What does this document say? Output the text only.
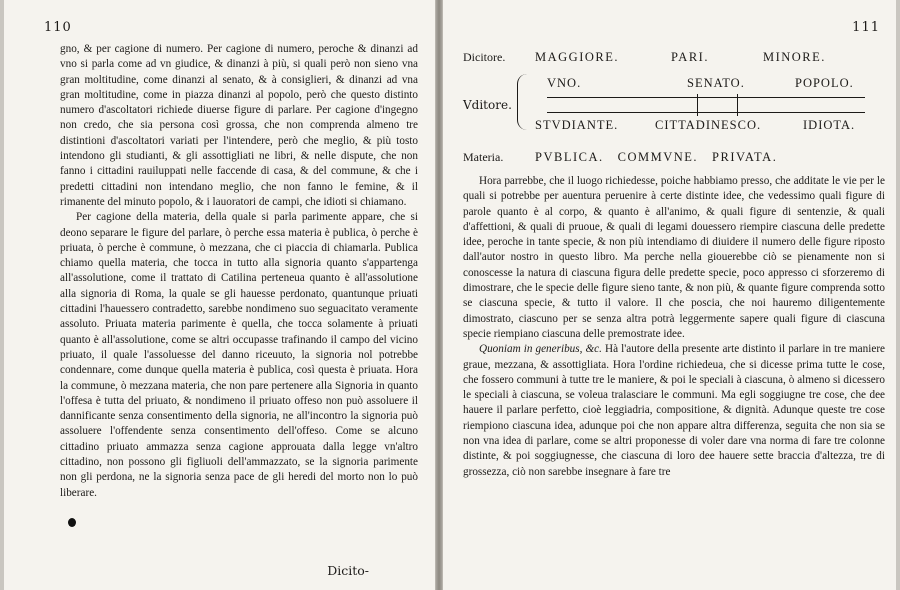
110

gno, & per cagione di numero. Per cagione di numero, peroche & dinanzi ad vno si parla come ad vn giudice, & dinanzi à più, si quali però non sieno vna gran moltitudine, come dinanzi al senato, & à consiglieri, & dinanzi ad vna gran moltitudine, come in piazza dinanzi al popolo, però che questo distinto numero d'ascoltatori richiede diuerse figure di parlare. Per cagione d'ingegno non credo, che sia persona così grossa, che non comprenda almeno tre distintioni d'ascoltatori variati per l'intendere, però che meglio, & più tosto intendono gli studianti, & gli assottigliati ne libri, & nelle dispute, che non fanno i cittadini rauiluppati nelle faccende di casa, & del commune, & che i predetti cittadini non intendano meglio, che non fanno le femine, & il rimanente del minuto popolo, & i lauoratori de campi, che idioti si chiamano.

Per cagione della materia, della quale si parla parimente appare, che si deono separare le figure del parlare, ò perche essa materia è publica, ò perche è priuata, ò perche è commune, ò mezzana, che ci piaccia di chiamarla. Publica chiamo quella materia, che tocca in tutto alla signoria quanto s'appartenga all'assolutione, come il trattato di Catilina perteneua quanto è all'assolutione alla signoria di Roma, la quale se gli hauesse perdonato, quantunque priuati cittadini l'hauessero contradetto, sarebbe nondimeno suo seguacitato veramente assoluto. Priuata materia parimente è quella, che tocca solamente à priuati quanto è all'assolutione, come se altri occupasse trafinando il campo del vicino priuato, il quale l'assoluesse del danno riceuuto, la signoria nol potrebbe condennare, come dunque quella materia è publica, così questa è priuata. Hora la commune, ò mezzana materia, che non pare pertenere alla Signoria in quanto l'offesa è tutta del priuato, & nondimeno il priuato offeso non può assoluere il dannificante senza consentimento della signoria, ne all'incontro la signoria può assoluere l'offendente senza consentimento dell'offeso. Come se alcuno cittadino priuato ammazza senza cagione approuata dalla legge vn'altro cittadino, non possono gli figliuoli dell'ammazzato, se la signoria parimente non gli perdona, ne la signoria senza pace de gli heredi del morto non lo può liberare.

Dicito-
111
Dicitore.	MAGGIORE.	PARI.	MINORE.
Vditore.
VNO.	SENATO.	POPOLO.
STVDIANTE.	CITTADINESCO.	IDIOTA.
Materia.	PVBLICA. COMMVNE. PRIVATA.

Hora parrebbe, che il luogo richiedesse, poiche habbiamo presso, che additate le vie per le quali si potrebbe per auentura peruenire à certe distinte idee, che vedessimo quali figure di parole quanto è al corpo, & quanto è all'animo, & quali figure di sentenzie, & quali d'affettioni, & quali di pruoue, & quali di legami douessero riempire ciascuna delle predette idee, peroche in tante specie, & non più intendiamo di diuidere il numero delle figure riposto dall'autor nostro in questo libro. Ma perche nella giouerebbe ciò se pienamente non si conoscesse la natura di ciascuna figura delle predette specie, poco appresso ci sforzeremo di dimostrare, che le specie delle figure sieno tante, & non più, & quante figure comprenda sotto se ciascuna specie, & tutto il valore. Il che poscia, che noi hauremo diligentemente dimostrato, ciascuno per se senza altra potrà leggermente sapere quali figure di ciascuna specie riempiano ciascuna delle premostrate idee.

Quoniam in generibus, &c. Hà l'autore della presente arte distinto il parlare in tre maniere graue, mezzana, & assottigliata. Hora l'ordine richiedeua, che si dicesse prima tutte le cose, che fossero communi à tutte tre le maniere, & poi le speciali à ciascuna, ò almeno si dicessero le speciali à ciascuna, se voleua tralasciare le communi. Ma egli soggiugne tre cose, che dee hauere il parlare perfetto, cioè leggiadria, compositione, & dignità. Adunque queste tre cose riempiono ciascuna idea, adunque poi che non appare altra differenza, seguita che non sia se non vna idea di parlare, come se altri proponesse di voler dare vna norma di fare tre colonne distinte, & poi soggiugnesse, che ciascuna di loro dee hauere sette braccia d'altezza, tre di grossezza, ciò non sarebbe insegnare à fare tre
